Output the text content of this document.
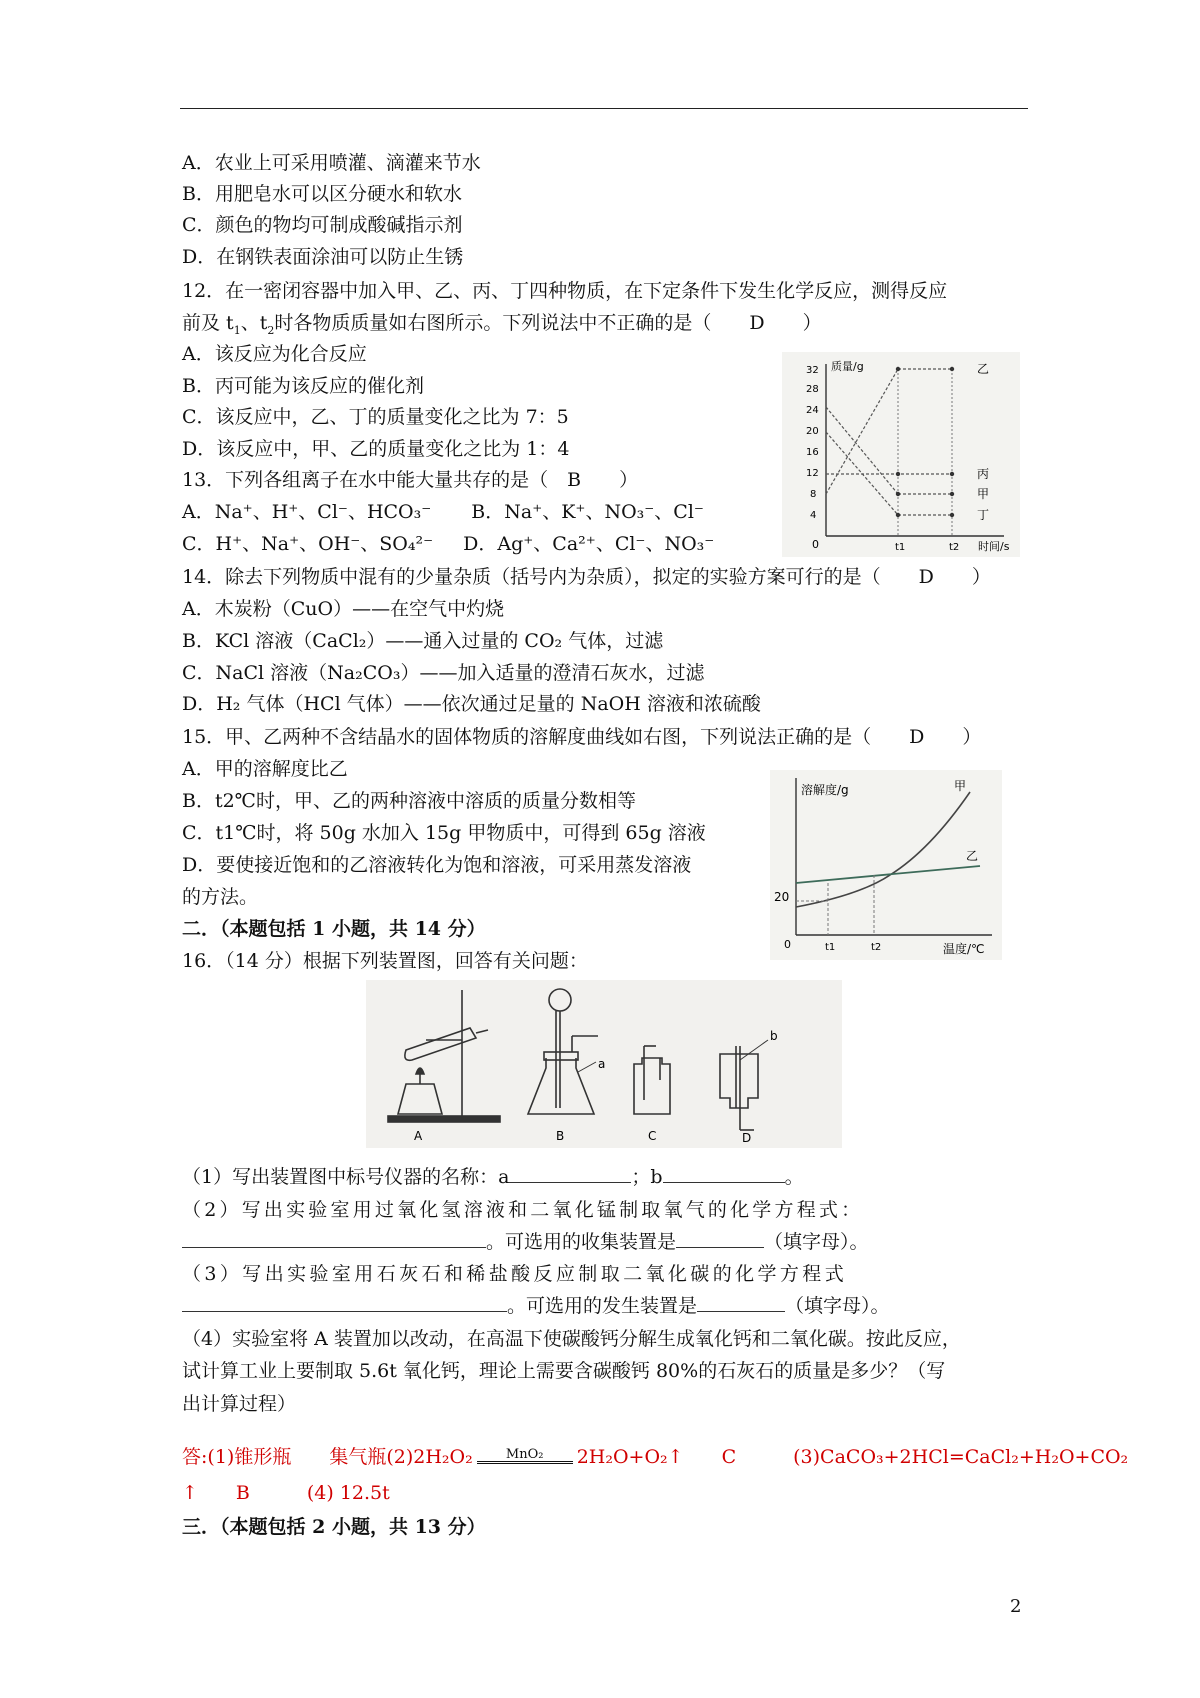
A．农业上可采用喷灌、滴灌来节水
B．用肥皂水可以区分硬水和软水
C．颜色的物均可制成酸碱指示剂
D．在钢铁表面涂油可以防止生锈
12．在一密闭容器中加入甲、乙、丙、丁四种物质，在下定条件下发生化学反应，测得反应
前及 $t_1$、$t_2$时各物质质量如右图所示。下列说法中不正确的是（　　D　　）
A．该反应为化合反应
B．丙可能为该反应的催化剂
C．该反应中，乙、丁的质量变化之比为 7：5
D．该反应中，甲、乙的质量变化之比为 1：4
质量/g
时间/s
0
4
8
12
16
20
24
28
32
t1	t2
乙
丙
甲
丁
13．下列各组离子在水中能大量共存的是（　B　　）
A．Na⁺、H⁺、Cl⁻、HCO₃⁻ B．Na⁺、K⁺、NO₃⁻、Cl⁻
C．H⁺、Na⁺、OH⁻、SO₄²⁻ D．Ag⁺、Ca²⁺、Cl⁻、NO₃⁻
14．除去下列物质中混有的少量杂质（括号内为杂质），拟定的实验方案可行的是（　　D　　）
A．木炭粉（CuO）——在空气中灼烧
B．KCl 溶液（CaCl₂）——通入过量的 CO₂ 气体，过滤
C．NaCl 溶液（Na₂CO₃）——加入适量的澄清石灰水，过滤
D．H₂ 气体（HCl 气体）——依次通过足量的 NaOH 溶液和浓硫酸
15．甲、乙两种不含结晶水的固体物质的溶解度曲线如右图，下列说法正确的是（　　D　　）
A．甲的溶解度比乙
B．t2℃时，甲、乙的两种溶液中溶质的质量分数相等
C．t1℃时，将 50g 水加入 15g 甲物质中，可得到 65g 溶液
D．要使接近饱和的乙溶液转化为饱和溶液，可采用蒸发溶液
的方法。
溶解度/g
温度/℃
0
20
t1	t2
甲
乙
二．（本题包括 1 小题，共 14 分）
16．（14 分）根据下列装置图，回答有关问题：
A
a
B	C
b
D
（1）写出装置图中标号仪器的名称：a	；b	。
（2）写出实验室用过氧化氢溶液和二氧化锰制取氧气的化学方程式：
。可选用的收集装置是	（填字母）。
（3）写出实验室用石灰石和稀盐酸反应制取二氧化碳的化学方程式
。可选用的发生装置是	（填字母）。
（4）实验室将 A 装置加以改动，在高温下使碳酸钙分解生成氧化钙和二氧化碳。按此反应，
试计算工业上要制取 5.6t 氧化钙，理论上需要含碳酸钙 80%的石灰石的质量是多少？（写
出计算过程）
答:(1)锥形瓶　　集气瓶(2)2H₂O₂	MnO₂	2H₂O+O₂↑　　C　　　(3)CaCO₃+2HCl=CaCl₂+H₂O+CO₂
↑　　B　　　(4) 12.5t
三．（本题包括 2 小题，共 13 分）
2
